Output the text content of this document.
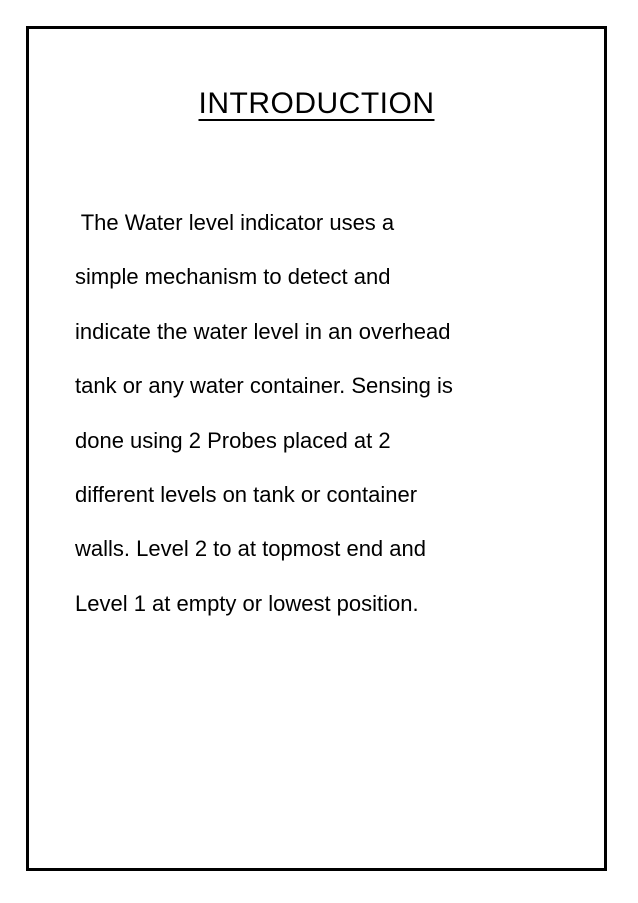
INTRODUCTION
The Water level indicator uses a
simple mechanism to detect and
indicate the water level in an overhead
tank or any water container. Sensing is
done using 2 Probes placed at 2
different levels on tank or container
walls. Level 2 to at topmost end and
Level 1 at empty or lowest position.
